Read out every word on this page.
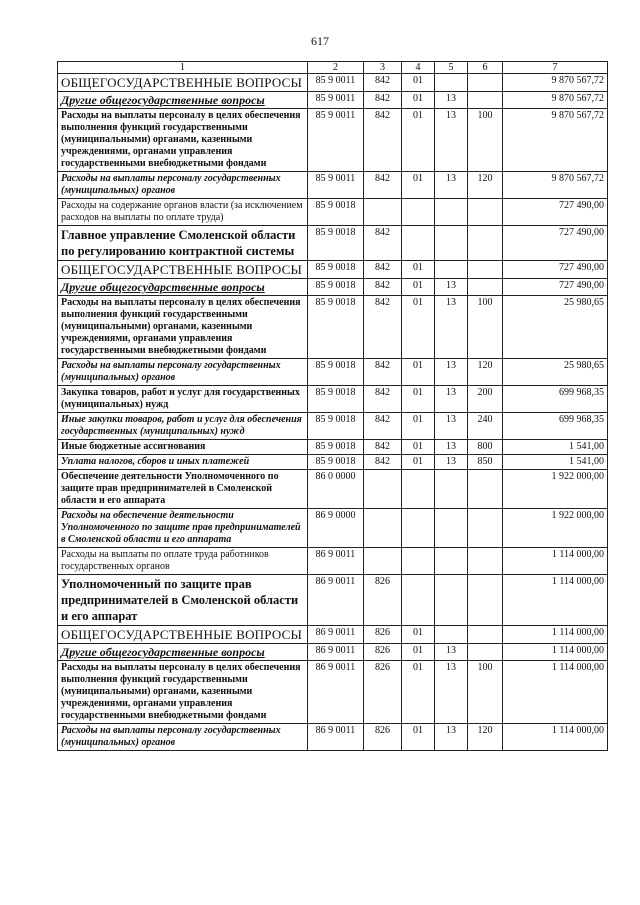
617
1	2	3	4	5	6	7

ОБЩЕГОСУДАРСТВЕННЫЕ ВОПРОСЫ	85 9 0011	842	01			9 870 567,72

Другие общегосударственные вопросы	85 9 0011	842	01	13		9 870 567,72

Расходы на выплаты персоналу в целях обеспечения выполнения функций государственными (муниципальными) органами, казенными учреждениями, органами управления государственными внебюджетными фондами	85 9 0011	842	01	13	100	9 870 567,72

Расходы на выплаты персоналу государственных (муниципальных) органов	85 9 0011	842	01	13	120	9 870 567,72

Расходы на содержание органов власти (за исключением расходов на выплаты по оплате труда)	85 9 0018					727 490,00

Главное управление Смоленской области по регулированию контрактной системы	85 9 0018	842				727 490,00

ОБЩЕГОСУДАРСТВЕННЫЕ ВОПРОСЫ	85 9 0018	842	01			727 490,00

Другие общегосударственные вопросы	85 9 0018	842	01	13		727 490,00

Расходы на выплаты персоналу в целях обеспечения выполнения функций государственными (муниципальными) органами, казенными учреждениями, органами управления государственными внебюджетными фондами	85 9 0018	842	01	13	100	25 980,65

Расходы на выплаты персоналу государственных (муниципальных) органов	85 9 0018	842	01	13	120	25 980,65

Закупка товаров, работ и услуг для государственных (муниципальных) нужд	85 9 0018	842	01	13	200	699 968,35

Иные закупки товаров, работ и услуг для обеспечения государственных (муниципальных) нужд	85 9 0018	842	01	13	240	699 968,35

Иные бюджетные ассигнования	85 9 0018	842	01	13	800	1 541,00

Уплата налогов, сборов и иных платежей	85 9 0018	842	01	13	850	1 541,00

Обеспечение деятельности Уполномоченного по защите прав предпринимателей в Смоленской области и его аппарата	86 0 0000					1 922 000,00

Расходы на обеспечение деятельности Уполномоченного по защите прав предпринимателей в Смоленской области и его аппарата	86 9 0000					1 922 000,00

Расходы на выплаты по оплате труда работников государственных органов	86 9 0011					1 114 000,00

Уполномоченный по защите прав предпринимателей в Смоленской области и его аппарат	86 9 0011	826				1 114 000,00

ОБЩЕГОСУДАРСТВЕННЫЕ ВОПРОСЫ	86 9 0011	826	01			1 114 000,00

Другие общегосударственные вопросы	86 9 0011	826	01	13		1 114 000,00

Расходы на выплаты персоналу в целях обеспечения выполнения функций государственными (муниципальными) органами, казенными учреждениями, органами управления государственными внебюджетными фондами	86 9 0011	826	01	13	100	1 114 000,00

Расходы на выплаты персоналу государственных (муниципальных) органов	86 9 0011	826	01	13	120	1 114 000,00
